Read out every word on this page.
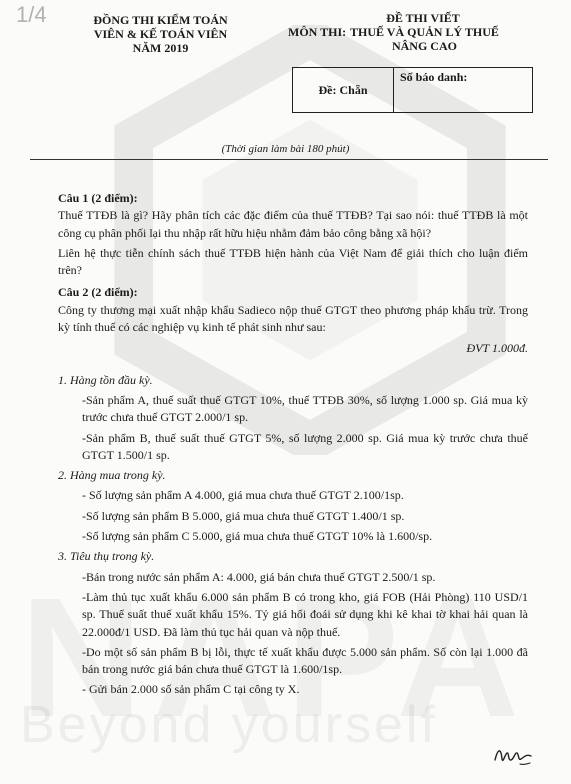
Beyond yourself
1/4	ĐỒNG THI KIỂM TOÁN
VIÊN & KẾ TOÁN VIÊN
NĂM 2019
ĐỀ THI VIẾT
MÔN THI: THUẾ VÀ QUẢN LÝ THUẾ
NÂNG CAO
Đề: Chẵn
Số báo danh:
(Thời gian làm bài 180 phút)

Câu 1 (2 điểm):

Thuế TTĐB là gì? Hãy phân tích các đặc điểm của thuế TTĐB? Tại sao nói: thuế TTĐB là một công cụ phân phối lại thu nhập rất hữu hiệu nhằm đảm bảo công bằng xã hội?

Liên hệ thực tiễn chính sách thuế TTĐB hiện hành của Việt Nam để giải thích cho luận điểm trên?

Câu 2 (2 điểm):

Công ty thương mại xuất nhập khẩu Sadieco nộp thuế GTGT theo phương pháp khấu trừ. Trong kỳ tính thuế có các nghiệp vụ kinh tế phát sinh như sau:

ĐVT 1.000đ.

1. Hàng tồn đầu kỳ.

-Sản phẩm A, thuế suất thuế GTGT 10%, thuế TTĐB 30%, số lượng 1.000 sp. Giá mua kỳ trước chưa thuế GTGT 2.000/1 sp.

-Sản phẩm B, thuế suất thuế GTGT 5%, số lượng 2.000 sp. Giá mua kỳ trước chưa thuế GTGT 1.500/1 sp.

2. Hàng mua trong kỳ.

- Số lượng sản phẩm A 4.000, giá mua chưa thuế GTGT 2.100/1sp.

-Số lượng sản phẩm B 5.000, giá mua chưa thuế GTGT 1.400/1 sp.

-Số lượng sản phẩm C 5.000, giá mua chưa thuế GTGT 10% là 1.600/sp.

3. Tiêu thụ trong kỳ.

-Bán trong nước sản phẩm A: 4.000, giá bán chưa thuế GTGT 2.500/1 sp.

-Làm thủ tục xuất khẩu 6.000 sản phẩm B có trong kho, giá FOB (Hải Phòng) 110 USD/1 sp. Thuế suất thuế xuất khẩu 15%. Tỷ giá hối đoái sử dụng khi kê khai tờ khai hải quan là 22.000đ/1 USD. Đã làm thủ tục hải quan và nộp thuế.

-Do một số sản phẩm B bị lỗi, thực tế xuất khẩu được 5.000 sản phẩm. Số còn lại 1.000 đã bán trong nước giá bán chưa thuế GTGT là 1.600/1sp.

- Gửi bán 2.000 số sản phẩm C tại công ty X.
